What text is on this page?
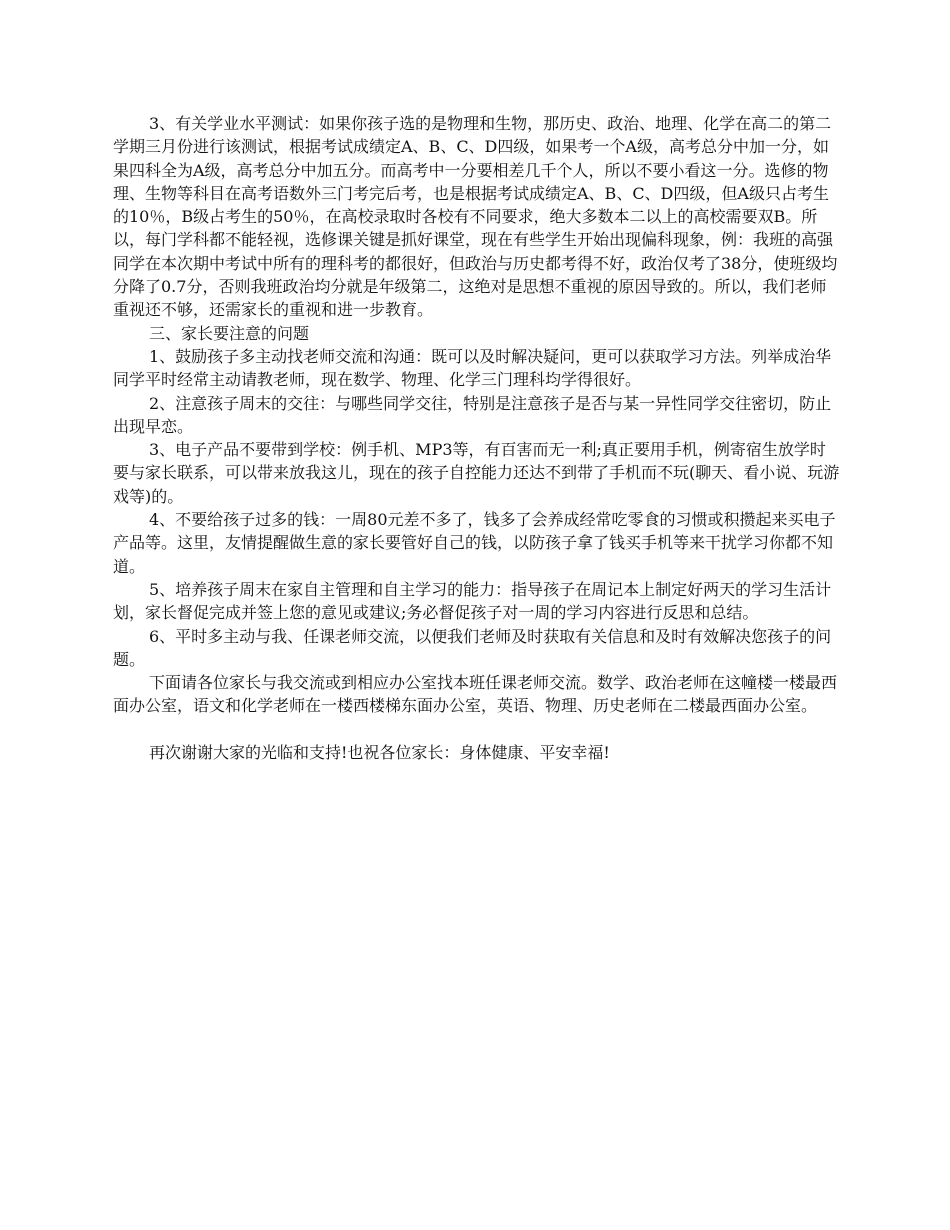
3、有关学业水平测试：如果你孩子选的是物理和生物，那历史、政治、地理、化学在高二的第二学期三月份进行该测试，根据考试成绩定A、B、C、D四级，如果考一个A级，高考总分中加一分，如果四科全为A级，高考总分中加五分。而高考中一分要相差几千个人，所以不要小看这一分。选修的物理、生物等科目在高考语数外三门考完后考，也是根据考试成绩定A、B、C、D四级，但A级只占考生的10％，B级占考生的50％，在高校录取时各校有不同要求，绝大多数本二以上的高校需要双B。所以，每门学科都不能轻视，选修课关键是抓好课堂，现在有些学生开始出现偏科现象，例：我班的高强同学在本次期中考试中所有的理科考的都很好，但政治与历史都考得不好，政治仅考了38分，使班级均分降了0.7分，否则我班政治均分就是年级第二，这绝对是思想不重视的原因导致的。所以，我们老师重视还不够，还需家长的重视和进一步教育。

三、家长要注意的问题

1、鼓励孩子多主动找老师交流和沟通：既可以及时解决疑问，更可以获取学习方法。列举成治华同学平时经常主动请教老师，现在数学、物理、化学三门理科均学得很好。

2、注意孩子周末的交往：与哪些同学交往，特别是注意孩子是否与某一异性同学交往密切，防止出现早恋。

3、电子产品不要带到学校：例手机、MP3等，有百害而无一利;真正要用手机，例寄宿生放学时要与家长联系，可以带来放我这儿，现在的孩子自控能力还达不到带了手机而不玩(聊天、看小说、玩游戏等)的。

4、不要给孩子过多的钱：一周80元差不多了，钱多了会养成经常吃零食的习惯或积攒起来买电子产品等。这里，友情提醒做生意的家长要管好自己的钱，以防孩子拿了钱买手机等来干扰学习你都不知道。

5、培养孩子周末在家自主管理和自主学习的能力：指导孩子在周记本上制定好两天的学习生活计划，家长督促完成并签上您的意见或建议;务必督促孩子对一周的学习内容进行反思和总结。

6、平时多主动与我、任课老师交流，以便我们老师及时获取有关信息和及时有效解决您孩子的问题。

下面请各位家长与我交流或到相应办公室找本班任课老师交流。数学、政治老师在这幢楼一楼最西面办公室，语文和化学老师在一楼西楼梯东面办公室，英语、物理、历史老师在二楼最西面办公室。

再次谢谢大家的光临和支持!也祝各位家长：身体健康、平安幸福!
